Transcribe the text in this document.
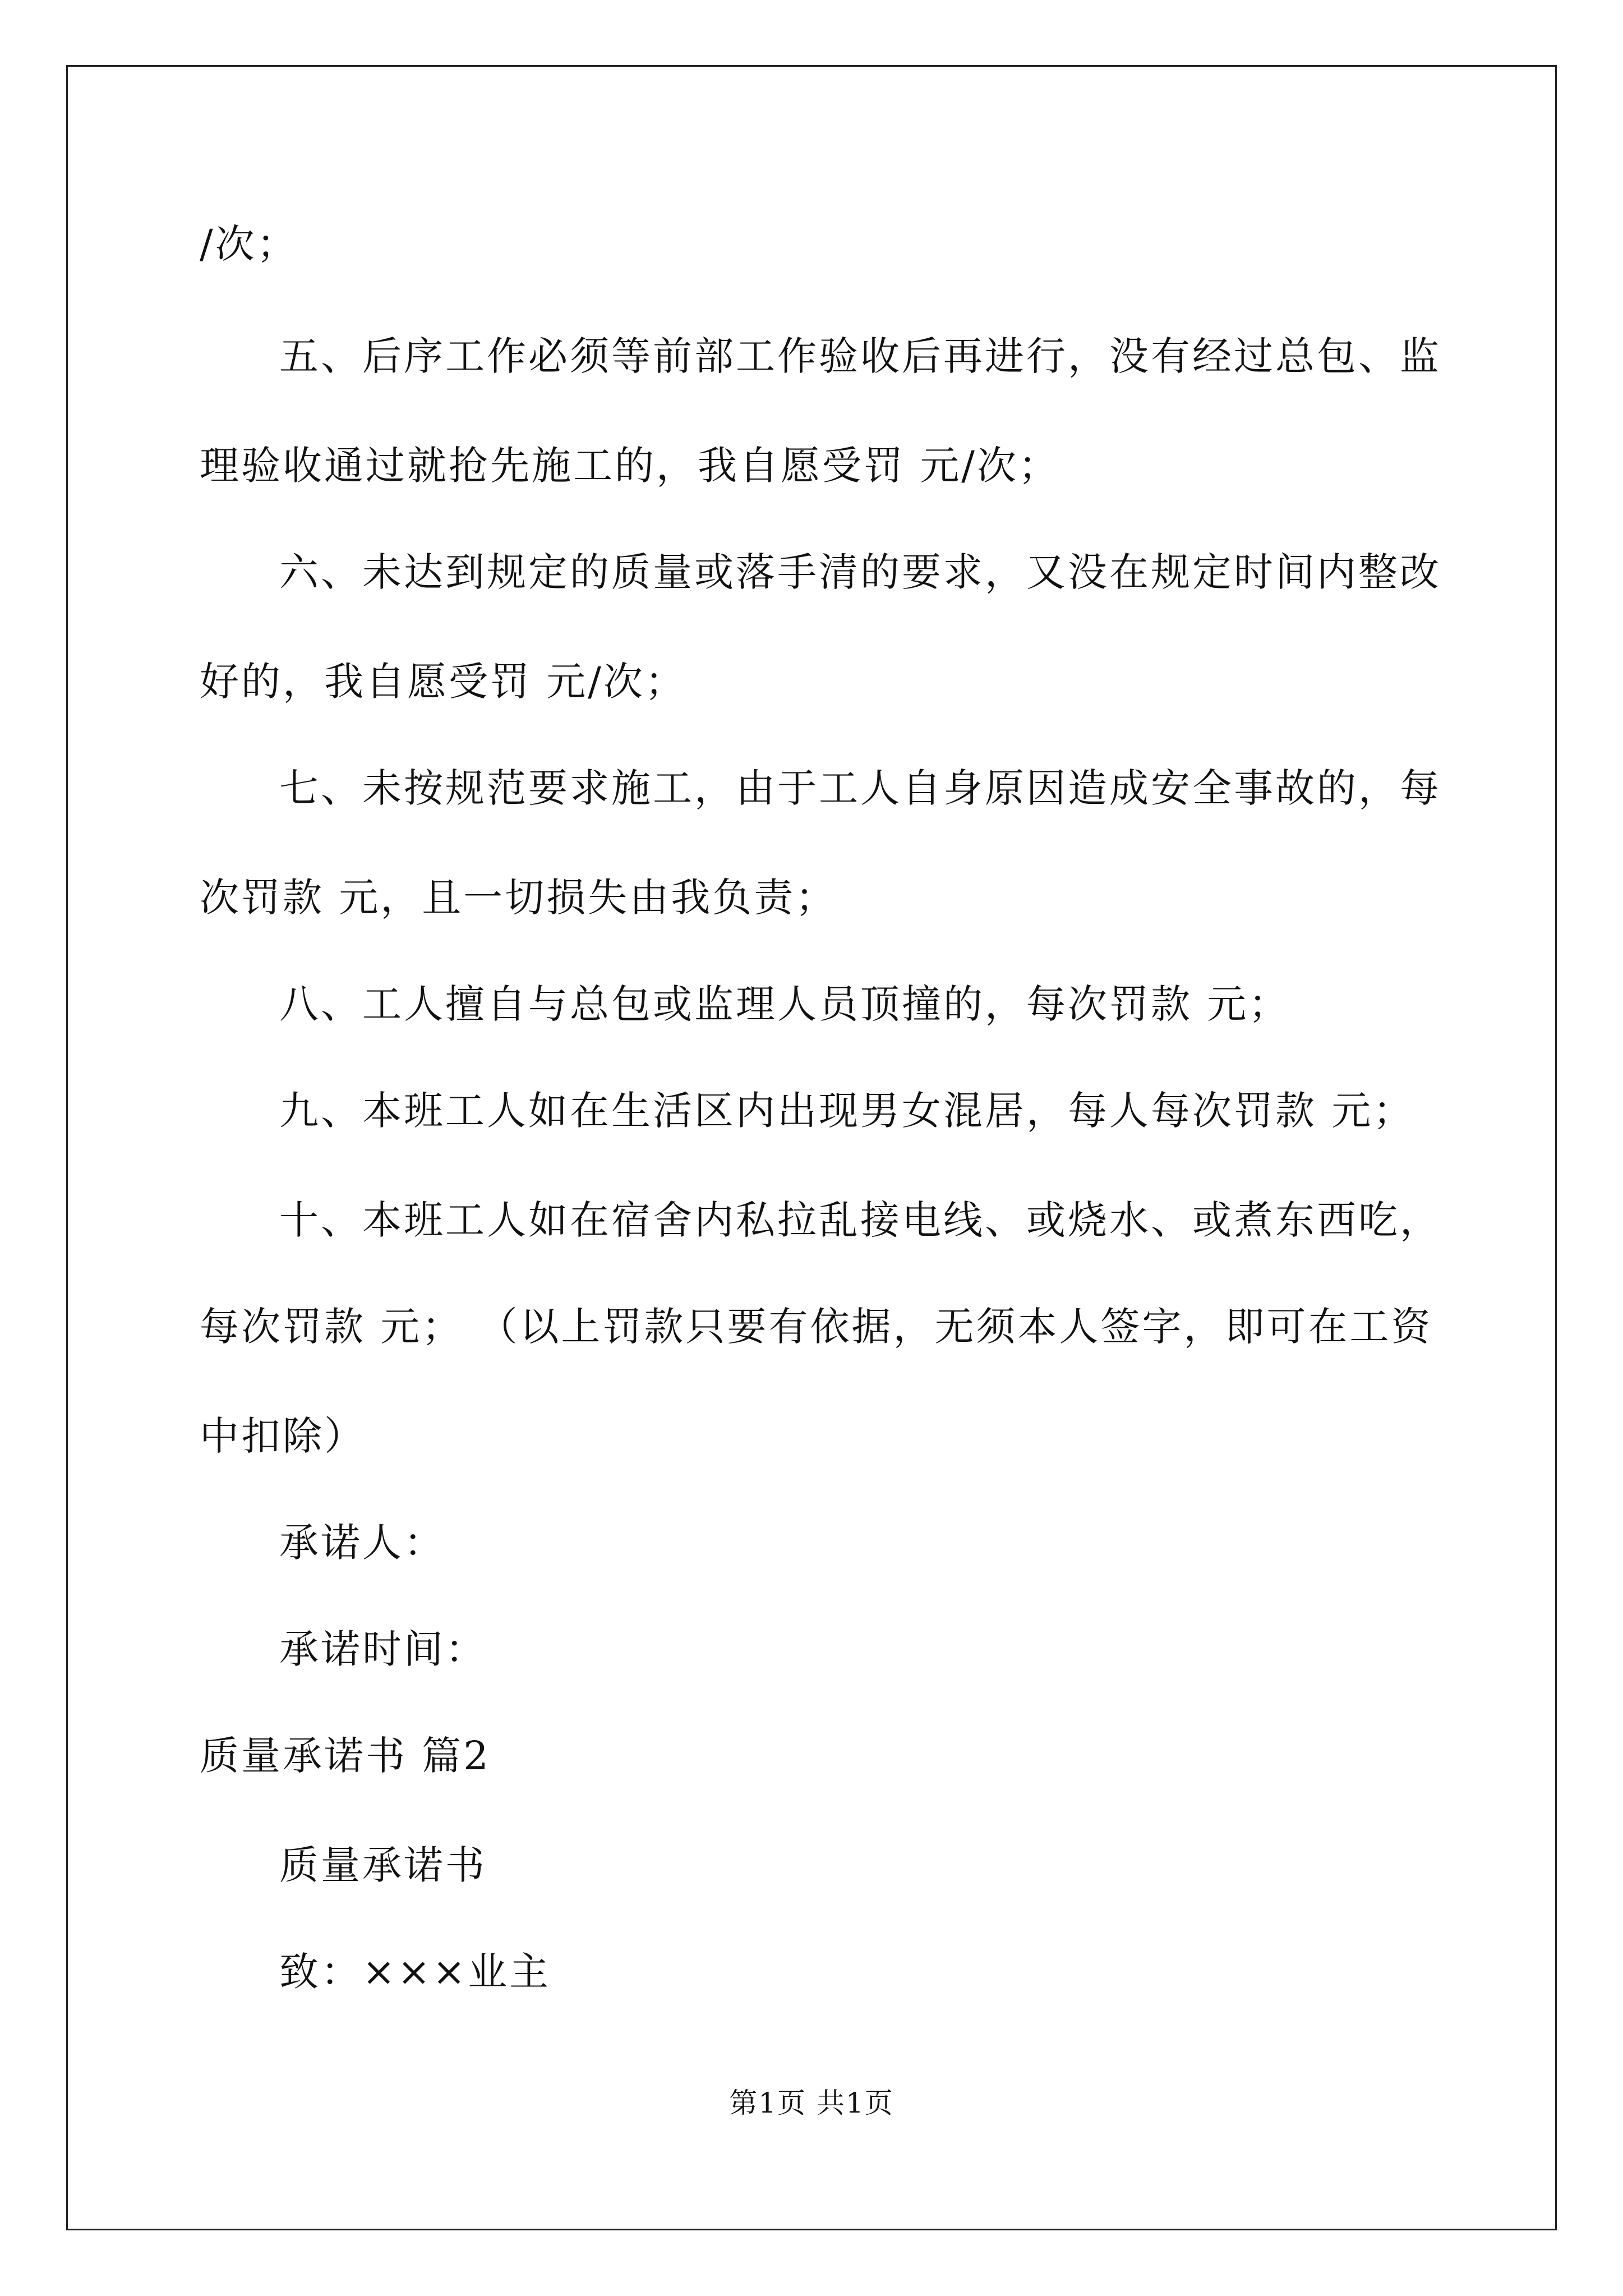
/次；
五、后序工作必须等前部工作验收后再进行，没有经过总包、监
理验收通过就抢先施工的，我自愿受罚 元/次；
六、未达到规定的质量或落手清的要求，又没在规定时间内整改
好的，我自愿受罚 元/次；
七、未按规范要求施工，由于工人自身原因造成安全事故的，每
次罚款 元，且一切损失由我负责；
八、工人擅自与总包或监理人员顶撞的，每次罚款 元；
九、本班工人如在生活区内出现男女混居，每人每次罚款 元；
十、本班工人如在宿舍内私拉乱接电线、或烧水、或煮东西吃，
每次罚款 元； （以上罚款只要有依据，无须本人签字，即可在工资
中扣除）
承诺人：
承诺时间：
质量承诺书 篇2
质量承诺书
致：×××业主
第1页 共1页
